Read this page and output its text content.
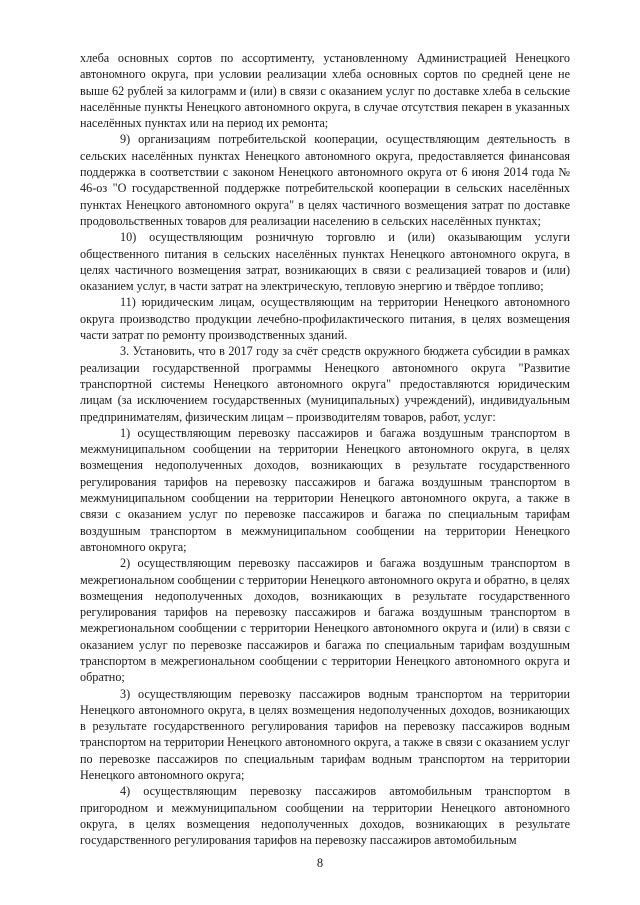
хлеба основных сортов по ассортименту, установленному Администрацией Ненецкого автономного округа, при условии реализации хлеба основных сортов по средней цене не выше 62 рублей за килограмм и (или) в связи с оказанием услуг по доставке хлеба в сельские населённые пункты Ненецкого автономного округа, в случае отсутствия пекарен в указанных населённых пунктах или на период их ремонта;

9) организациям потребительской кооперации, осуществляющим деятельность в сельских населённых пунктах Ненецкого автономного округа, предоставляется финансовая поддержка в соответствии с законом Ненецкого автономного округа от 6 июня 2014 года № 46-оз "О государственной поддержке потребительской кооперации в сельских населённых пунктах Ненецкого автономного округа" в целях частичного возмещения затрат по доставке продовольственных товаров для реализации населению в сельских населённых пунктах;

10) осуществляющим розничную торговлю и (или) оказывающим услуги общественного питания в сельских населённых пунктах Ненецкого автономного округа, в целях частичного возмещения затрат, возникающих в связи с реализацией товаров и (или) оказанием услуг, в части затрат на электрическую, тепловую энергию и твёрдое топливо;

11) юридическим лицам, осуществляющим на территории Ненецкого автономного округа производство продукции лечебно-профилактического питания, в целях возмещения части затрат по ремонту производственных зданий.

3. Установить, что в 2017 году за счёт средств окружного бюджета субсидии в рамках реализации государственной программы Ненецкого автономного округа "Развитие транспортной системы Ненецкого автономного округа" предоставляются юридическим лицам (за исключением государственных (муниципальных) учреждений), индивидуальным предпринимателям, физическим лицам – производителям товаров, работ, услуг:

1) осуществляющим перевозку пассажиров и багажа воздушным транспортом в межмуниципальном сообщении на территории Ненецкого автономного округа, в целях возмещения недополученных доходов, возникающих в результате государственного регулирования тарифов на перевозку пассажиров и багажа воздушным транспортом в межмуниципальном сообщении на территории Ненецкого автономного округа, а также в связи с оказанием услуг по перевозке пассажиров и багажа по специальным тарифам воздушным транспортом в межмуниципальном сообщении на территории Ненецкого автономного округа;

2) осуществляющим перевозку пассажиров и багажа воздушным транспортом в межрегиональном сообщении с территории Ненецкого автономного округа и обратно, в целях возмещения недополученных доходов, возникающих в результате государственного регулирования тарифов на перевозку пассажиров и багажа воздушным транспортом в межрегиональном сообщении с территории Ненецкого автономного округа и (или) в связи с оказанием услуг по перевозке пассажиров и багажа по специальным тарифам воздушным транспортом в межрегиональном сообщении с территории Ненецкого автономного округа и обратно;

3) осуществляющим перевозку пассажиров водным транспортом на территории Ненецкого автономного округа, в целях возмещения недополученных доходов, возникающих в результате государственного регулирования тарифов на перевозку пассажиров водным транспортом на территории Ненецкого автономного округа, а также в связи с оказанием услуг по перевозке пассажиров по специальным тарифам водным транспортом на территории Ненецкого автономного округа;

4) осуществляющим перевозку пассажиров автомобильным транспортом в пригородном и межмуниципальном сообщении на территории Ненецкого автономного округа, в целях возмещения недополученных доходов, возникающих в результате государственного регулирования тарифов на перевозку пассажиров автомобильным

8
